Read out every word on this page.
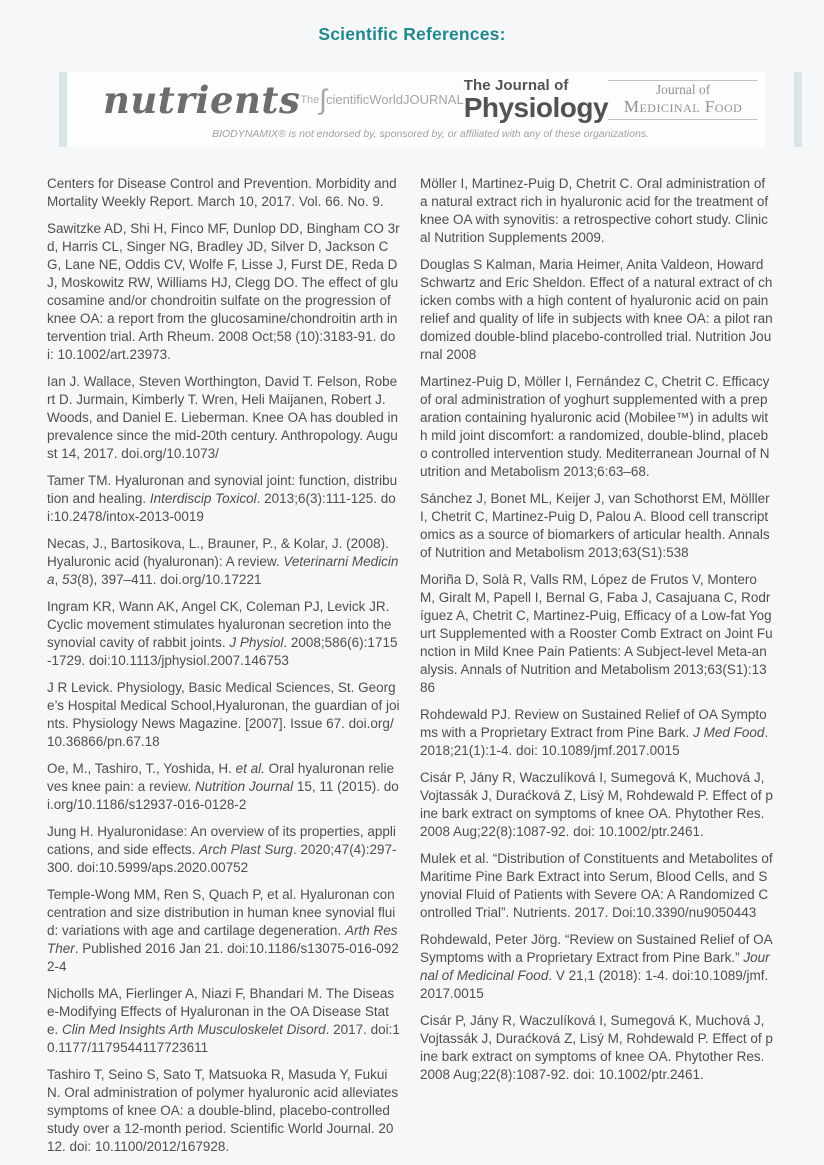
Scientific References:
nutrients The ∫ cientificWorldJOURNAL
The Journal of
Physiology
Journal of
Medicinal Food
BIODYNAMIX® is not endorsed by, sponsored by, or affiliated with any of these organizations.

Centers for Disease Control and Prevention. Morbidity and Mortality Weekly Report. March 10, 2017. Vol. 66. No. 9.

Sawitzke AD, Shi H, Finco MF, Dunlop DD, Bingham CO 3rd, Harris CL, Singer NG, Bradley JD, Silver D, Jackson CG, Lane NE, Oddis CV, Wolfe F, Lisse J, Furst DE, Reda DJ, Moskowitz RW, Williams HJ, Clegg DO. The effect of glucosamine and/or chondroitin sulfate on the progression of knee OA: a report from the glucosamine/chondroitin arth intervention trial. Arth Rheum. 2008 Oct;58 (10):3183-91. doi: 10.1002/art.23973.

Ian J. Wallace, Steven Worthington, David T. Felson, Robert D. Jurmain, Kimberly T. Wren, Heli Maijanen, Robert J. Woods, and Daniel E. Lieberman. Knee OA has doubled in prevalence since the mid-20th century. Anthropology. August 14, 2017. doi.org/10.1073/

Tamer TM. Hyaluronan and synovial joint: function, distribution and healing. Interdiscip Toxicol. 2013;6(3):111-125. doi:10.2478/intox-2013-0019

Necas, J., Bartosikova, L., Brauner, P., & Kolar, J. (2008). Hyaluronic acid (hyaluronan): A review. Veterinarni Medicina, 53(8), 397–411. doi.org/10.17221

Ingram KR, Wann AK, Angel CK, Coleman PJ, Levick JR. Cyclic movement stimulates hyaluronan secretion into the synovial cavity of rabbit joints. J Physiol. 2008;586(6):1715-1729. doi:10.1113/jphysiol.2007.146753

J R Levick. Physiology, Basic Medical Sciences, St. George’s Hospital Medical School,Hyaluronan, the guardian of joints. Physiology News Magazine. [2007]. Issue 67. doi.org/10.36866/pn.67.18

Oe, M., Tashiro, T., Yoshida, H. et al. Oral hyaluronan relieves knee pain: a review. Nutrition Journal 15, 11 (2015). doi.org/10.1186/s12937-016-0128-2

Jung H. Hyaluronidase: An overview of its properties, applications, and side effects. Arch Plast Surg. 2020;47(4):297-300. doi:10.5999/aps.2020.00752

Temple-Wong MM, Ren S, Quach P, et al. Hyaluronan concentration and size distribution in human knee synovial fluid: variations with age and cartilage degeneration. Arth Res Ther. Published 2016 Jan 21. doi:10.1186/s13075-016-0922-4

Nicholls MA, Fierlinger A, Niazi F, Bhandari M. The Disease-Modifying Effects of Hyaluronan in the OA Disease State. Clin Med Insights Arth Musculoskelet Disord. 2017. doi:10.1177/1179544117723611

Tashiro T, Seino S, Sato T, Matsuoka R, Masuda Y, Fukui N. Oral administration of polymer hyaluronic acid alleviates symptoms of knee OA: a double-blind, placebo-controlled study over a 12-month period. Scientific World Journal. 2012. doi: 10.1100/2012/167928.

Möller I, Martinez-Puig D, Chetrit C. Oral administration of a natural extract rich in hyaluronic acid for the treatment of knee OA with synovitis: a retrospective cohort study. Clinical Nutrition Supplements 2009.

Douglas S Kalman, Maria Heimer, Anita Valdeon, Howard Schwartz and Eric Sheldon. Effect of a natural extract of chicken combs with a high content of hyaluronic acid on pain relief and quality of life in subjects with knee OA: a pilot randomized double-blind placebo-controlled trial. Nutrition Journal 2008

Martinez-Puig D, Möller I, Fernández C, Chetrit C. Efficacy of oral administration of yoghurt supplemented with a preparation containing hyaluronic acid (Mobilee™) in adults with mild joint discomfort: a randomized, double-blind, placebo controlled intervention study. Mediterranean Journal of Nutrition and Metabolism 2013;6:63–68.

Sánchez J, Bonet ML, Keijer J, van Schothorst EM, Mölller I, Chetrit C, Martinez-Puig D, Palou A. Blood cell transcriptomics as a source of biomarkers of articular health. Annals of Nutrition and Metabolism 2013;63(S1):538

Moriña D, Solà R, Valls RM, López de Frutos V, Montero M, Giralt M, Papell I, Bernal G, Faba J, Casajuana C, Rodríguez A, Chetrit C, Martinez-Puig, Efficacy of a Low-fat Yogurt Supplemented with a Rooster Comb Extract on Joint Function in Mild Knee Pain Patients: A Subject-level Meta-analysis. Annals of Nutrition and Metabolism 2013;63(S1):1386

Rohdewald PJ. Review on Sustained Relief of OA Symptoms with a Proprietary Extract from Pine Bark. J Med Food. 2018;21(1):1-4. doi: 10.1089/jmf.2017.0015

Cisár P, Jány R, Waczulíková I, Sumegová K, Muchová J, Vojtassák J, Duraćková Z, Lisý M, Rohdewald P. Effect of pine bark extract on symptoms of knee OA. Phytother Res. 2008 Aug;22(8):1087-92. doi: 10.1002/ptr.2461.

Mulek et al. “Distribution of Constituents and Metabolites of Maritime Pine Bark Extract into Serum, Blood Cells, and Synovial Fluid of Patients with Severe OA: A Randomized Controlled Trial”. Nutrients. 2017. Doi:10.3390/nu9050443

Rohdewald, Peter Jörg. “Review on Sustained Relief of OA Symptoms with a Proprietary Extract from Pine Bark.” Journal of Medicinal Food. V 21,1 (2018): 1-4. doi:10.1089/jmf.2017.0015

Cisár P, Jány R, Waczulíková I, Sumegová K, Muchová J, Vojtassák J, Duraćková Z, Lisý M, Rohdewald P. Effect of pine bark extract on symptoms of knee OA. Phytother Res. 2008 Aug;22(8):1087-92. doi: 10.1002/ptr.2461.
